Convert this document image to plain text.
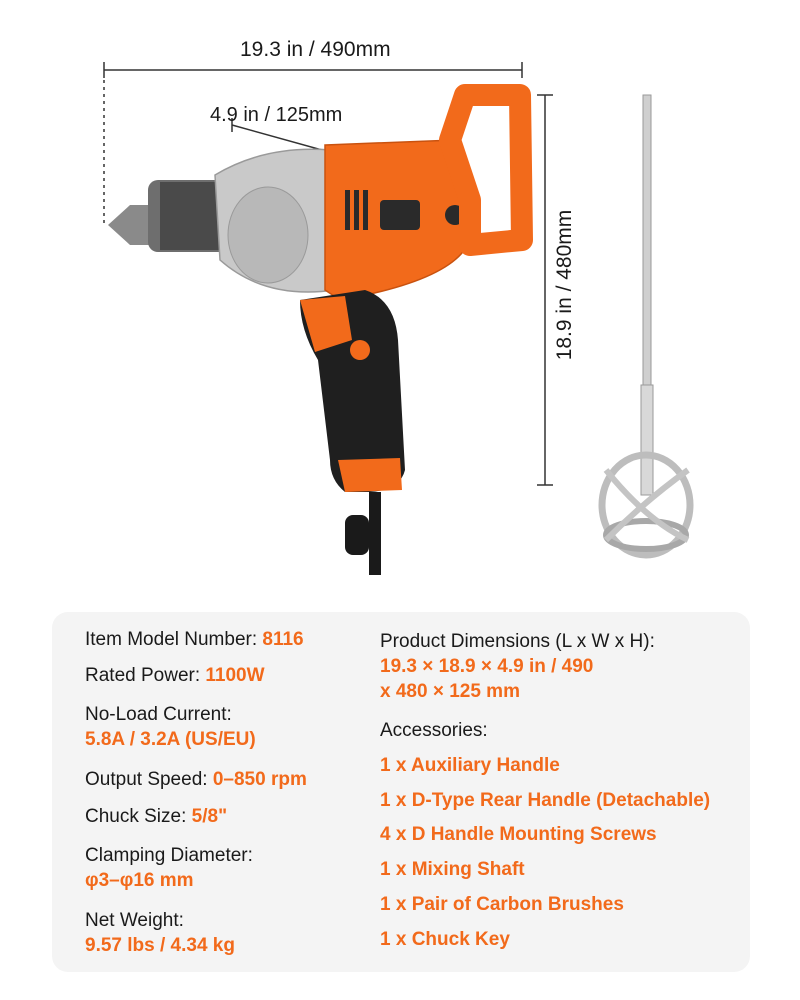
19.3 in / 490mm
4.9 in / 125mm
18.9 in / 480mm
Item Model Number: 8116
Rated Power: 1100W
No-Load Current:
5.8A / 3.2A (US/EU)
Output Speed: 0–850 rpm
Chuck Size: 5/8"
Clamping Diameter:
φ3–φ16 mm
Net Weight:
9.57 lbs / 4.34 kg
Product Dimensions (L x W x H):
19.3 × 18.9 × 4.9 in / 490
x 480 × 125 mm
Accessories:
1 x Auxiliary Handle
1 x D-Type Rear Handle (Detachable)
4 x D Handle Mounting Screws
1 x Mixing Shaft
1 x Pair of Carbon Brushes
1 x Chuck Key
